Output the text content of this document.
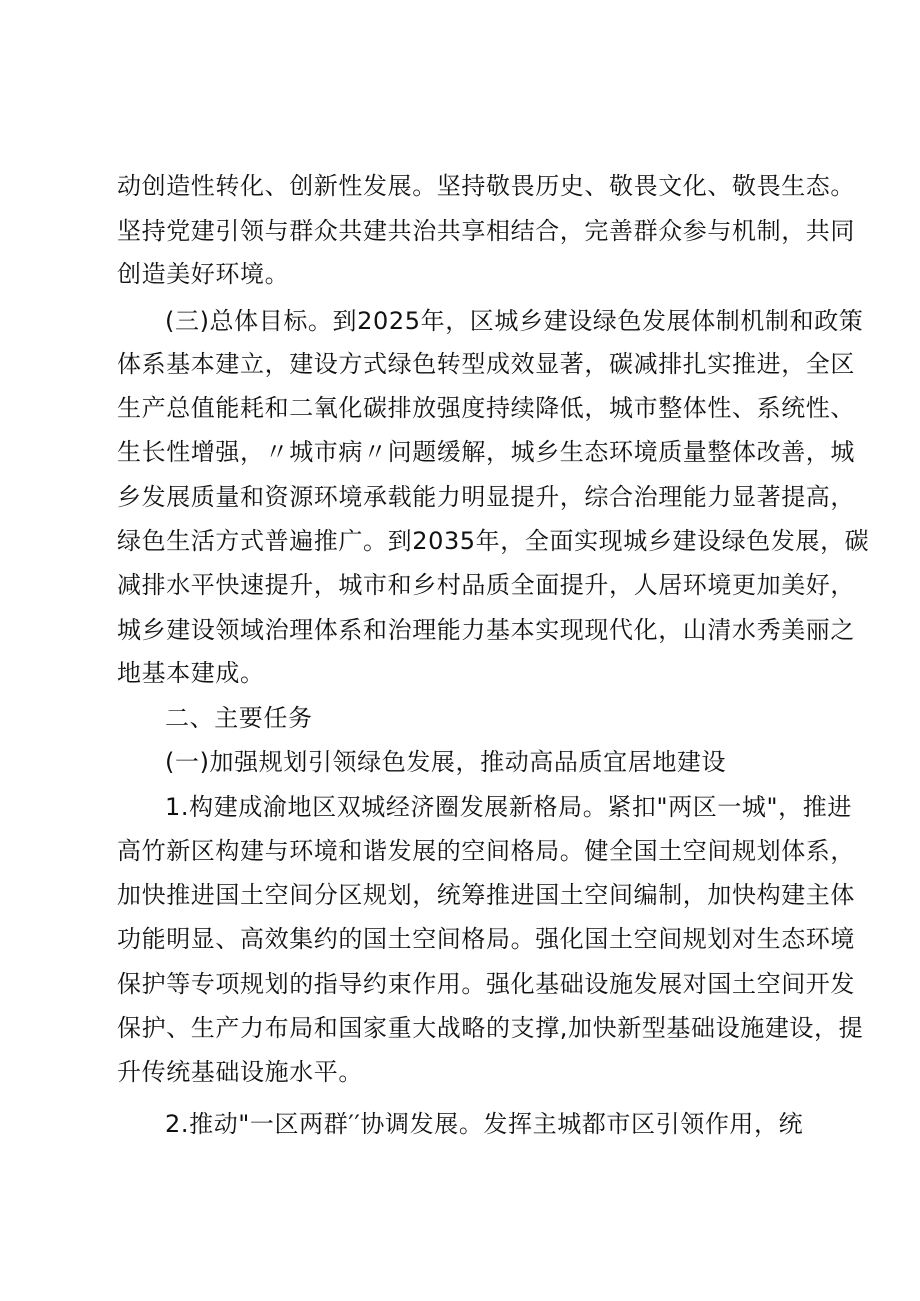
动创造性转化、创新性发展。坚持敬畏历史、敬畏文化、敬畏生态。
坚持党建引领与群众共建共治共享相结合，完善群众参与机制，共同
创造美好环境。
(三)总体目标。到2025年，区城乡建设绿色发展体制机制和政策
体系基本建立，建设方式绿色转型成效显著，碳减排扎实推进，全区
生产总值能耗和二氧化碳排放强度持续降低，城市整体性、系统性、
生长性增强，〃城市病〃问题缓解，城乡生态环境质量整体改善，城
乡发展质量和资源环境承载能力明显提升，综合治理能力显著提高，
绿色生活方式普遍推广。到2035年，全面实现城乡建设绿色发展，碳
减排水平快速提升，城市和乡村品质全面提升，人居环境更加美好，
城乡建设领域治理体系和治理能力基本实现现代化，山清水秀美丽之
地基本建成。
二、主要任务
(一)加强规划引领绿色发展，推动高品质宜居地建设
1.构建成渝地区双城经济圈发展新格局。紧扣"两区一城"，推进
高竹新区构建与环境和谐发展的空间格局。健全国土空间规划体系，
加快推进国土空间分区规划，统筹推进国土空间编制，加快构建主体
功能明显、高效集约的国土空间格局。强化国土空间规划对生态环境
保护等专项规划的指导约束作用。强化基础设施发展对国土空间开发
保护、生产力布局和国家重大战略的支撑,加快新型基础设施建设，提
升传统基础设施水平。
2.推动"一区两群′′协调发展。发挥主城都市区引领作用，统
